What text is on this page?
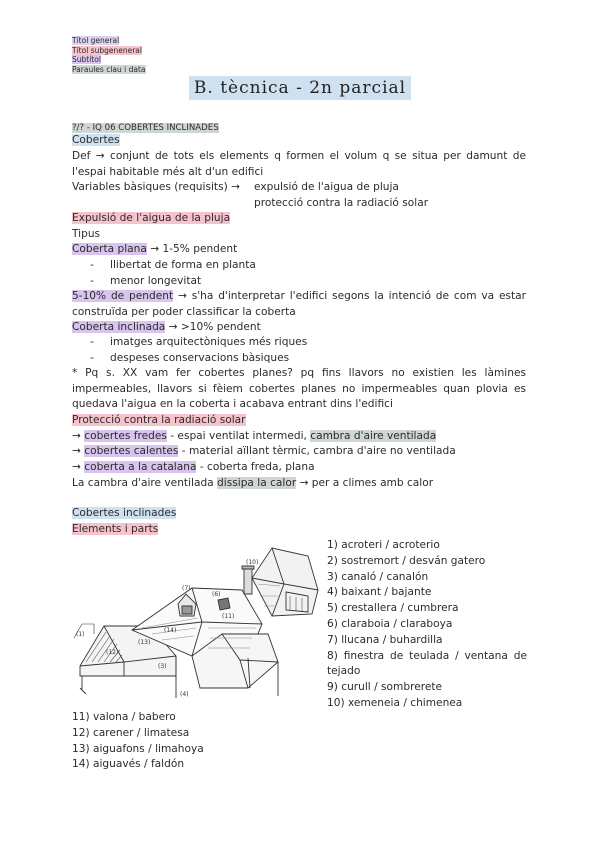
Títol general
Títol subgeneneral
Subtítol
Paraules clau i data
B. tècnica - 2n parcial
?/? - IQ 06 COBERTES INCLINADES
Cobertes
Def → conjunt de tots els elements q formen el volum q se situa per damunt de l'espai habitable més alt d'un edifici
Variables bàsiques (requisits) → expulsió de l'aigua de pluja
protecció contra la radiació solar
Expulsió de l'aigua de la pluja
Tipus
Coberta plana → 1-5% pendent
- llibertat de forma en planta
- menor longevitat
5-10% de pendent → s'ha d'interpretar l'edifici segons la intenció de com va estar construïda per poder classificar la coberta
Coberta inclinada → >10% pendent
- imatges arquitectòniques més riques
- despeses conservacions bàsiques
* Pq s. XX vam fer cobertes planes? pq fins llavors no existien les làmines impermeables, llavors si fèiem cobertes planes no impermeables quan plovia es quedava l'aigua en la coberta i acabava entrant dins l'edifici
Protecció contra la radiació solar
→ cobertes fredes - espai ventilat intermedi, cambra d'aire ventilada
→ cobertes calentes - material aïllant tèrmic, cambra d'aire no ventilada
→ coberta a la catalana - coberta freda, plana
La cambra d'aire ventilada dissipa la calor → per a climes amb calor
Cobertes inclinades
Elements i parts
(12)
(13)
(14)
(10)
(11)
(1)
(7)
(3)
(4)
(6)
1) acroteri / acroterio
2) sostremort / desván gatero
3) canaló / canalón
4) baixant / bajante
5) crestallera / cumbrera
6) claraboia / claraboya
7) llucana / buhardilla
8) finestra de teulada / ventana de tejado
9) curull / sombrerete
10) xemeneia / chimenea
11) valona / babero
12) carener / limatesa
13) aiguafons / limahoya
14) aiguavés / faldón
